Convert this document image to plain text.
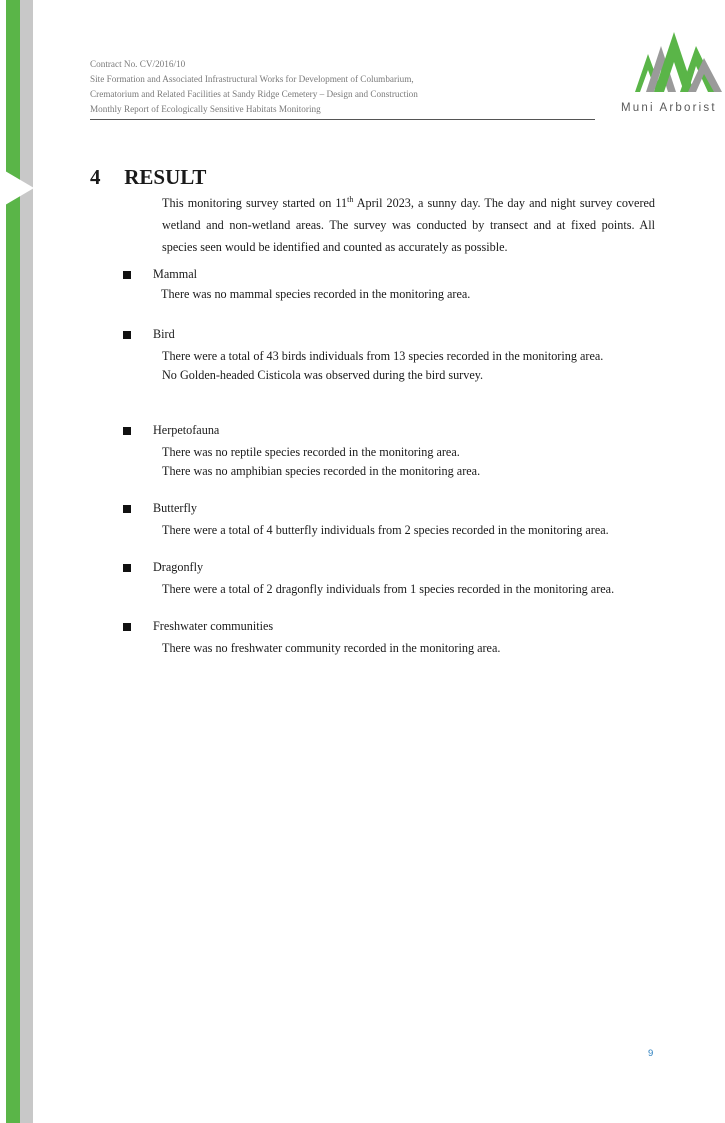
Contract No. CV/2016/10
Site Formation and Associated Infrastructural Works for Development of Columbarium,
Crematorium and Related Facilities at Sandy Ridge Cemetery – Design and Construction
Monthly Report of Ecologically Sensitive Habitats Monitoring	Muni Arborist
4 RESULT
This monitoring survey started on 11th April 2023, a sunny day. The day and night survey covered wetland and non-wetland areas. The survey was conducted by transect and at fixed points. All species seen would be identified and counted as accurately as possible.
Mammal
There was no mammal species recorded in the monitoring area.
Bird
There were a total of 43 birds individuals from 13 species recorded in the monitoring area.
No Golden-headed Cisticola was observed during the bird survey.
Herpetofauna
There was no reptile species recorded in the monitoring area.
There was no amphibian species recorded in the monitoring area.
Butterfly
There were a total of 4 butterfly individuals from 2 species recorded in the monitoring area.
Dragonfly
There were a total of 2 dragonfly individuals from 1 species recorded in the monitoring area.
Freshwater communities
There was no freshwater community recorded in the monitoring area.
9
